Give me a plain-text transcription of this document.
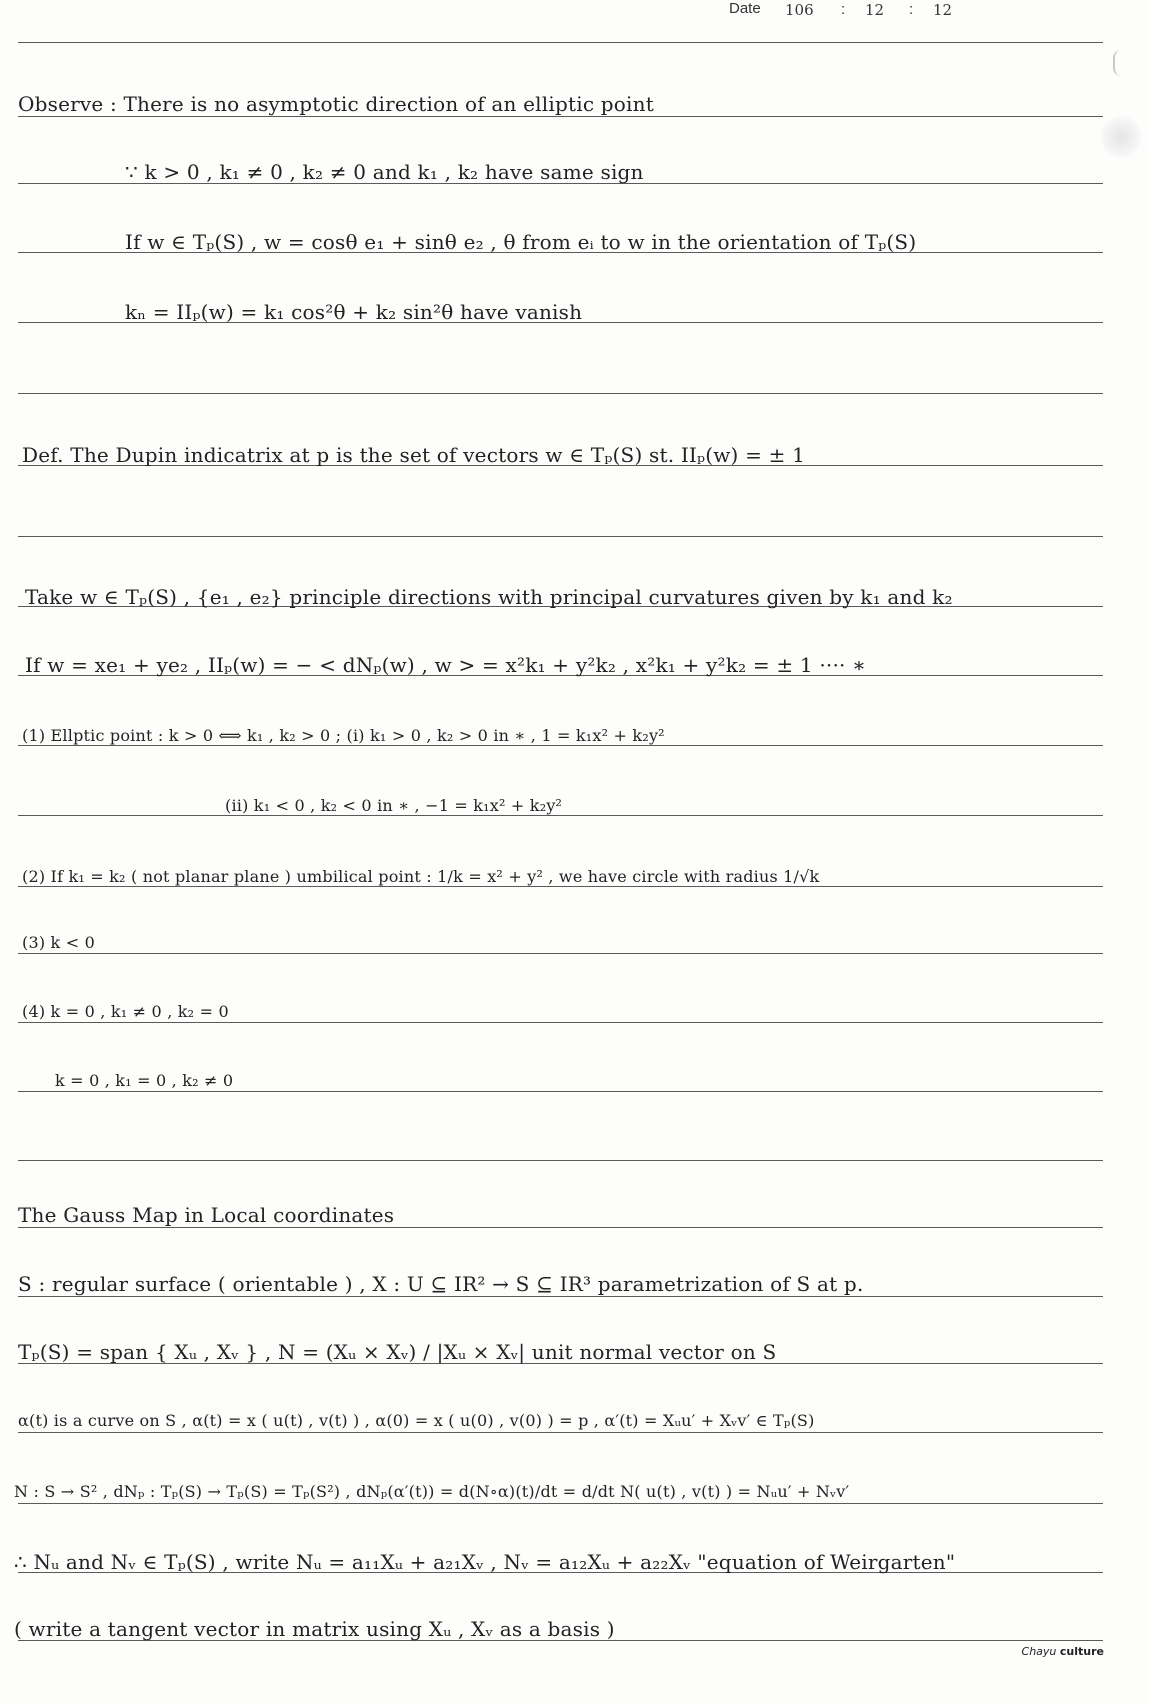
Date 106 : 12 : 12
Observe : There is no asymptotic direction of an elliptic point
∵ k > 0 , k₁ ≠ 0 , k₂ ≠ 0 and k₁ , k₂ have same sign
If w ∈ Tₚ(S) , w = cosθ e₁ + sinθ e₂ , θ from eᵢ to w in the orientation of Tₚ(S)
kₙ = IIₚ(w) = k₁ cos²θ + k₂ sin²θ have vanish
Def. The Dupin indicatrix at p is the set of vectors w ∈ Tₚ(S) st. IIₚ(w) = ± 1
Take w ∈ Tₚ(S) , {e₁ , e₂} principle directions with principal curvatures given by k₁ and k₂
If w = xe₁ + ye₂ , IIₚ(w) = − < dNₚ(w) , w > = x²k₁ + y²k₂ , x²k₁ + y²k₂ = ± 1 ···· ∗
(1) Ellptic point : k > 0 ⟺ k₁ , k₂ > 0 ; (i) k₁ > 0 , k₂ > 0 in ∗ , 1 = k₁x² + k₂y²
(ii) k₁ < 0 , k₂ < 0 in ∗ , −1 = k₁x² + k₂y²
(2) If k₁ = k₂ ( not planar plane ) umbilical point : 1/k = x² + y² , we have circle with radius 1/√k
(3) k < 0
(4) k = 0 , k₁ ≠ 0 , k₂ = 0
k = 0 , k₁ = 0 , k₂ ≠ 0
The Gauss Map in Local coordinates
S : regular surface ( orientable ) , X : U ⊆ IR² → S ⊆ IR³ parametrization of S at p.
Tₚ(S) = span { Xᵤ , Xᵥ } , N = (Xᵤ × Xᵥ) / |Xᵤ × Xᵥ| unit normal vector on S
α(t) is a curve on S , α(t) = x ( u(t) , v(t) ) , α(0) = x ( u(0) , v(0) ) = p , α′(t) = Xᵤu′ + Xᵥv′ ∈ Tₚ(S)
N : S → S² , dNₚ : Tₚ(S) → Tₚ(S) = Tₚ(S²) , dNₚ(α′(t)) = d(N∘α)(t)/dt = d/dt N( u(t) , v(t) ) = Nᵤu′ + Nᵥv′
∴ Nᵤ and Nᵥ ∈ Tₚ(S) , write Nᵤ = a₁₁Xᵤ + a₂₁Xᵥ , Nᵥ = a₁₂Xᵤ + a₂₂Xᵥ "equation of Weirgarten"
( write a tangent vector in matrix using Xᵤ , Xᵥ as a basis )
Chayu culture
